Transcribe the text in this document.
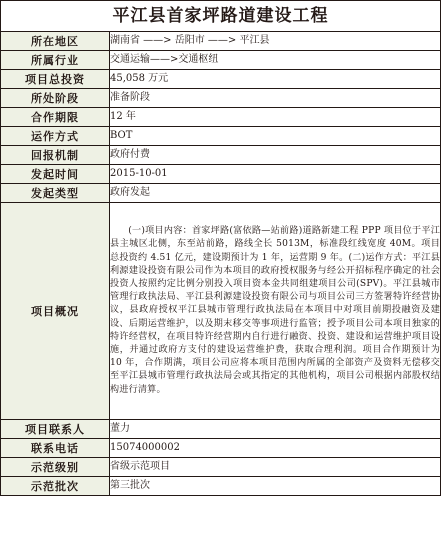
平江县首家坪路道建设工程
所在地区	湖南省 ——> 岳阳市 ——> 平江县
所属行业	交通运输——>交通枢纽
项目总投资	45,058 万元
所处阶段	准备阶段
合作期限	12 年
运作方式	BOT
回报机制	政府付费
发起时间	2015-10-01
发起类型	政府发起
项目概况	(一)项目内容：首家坪路(富依路—站前路)道路新建工程 PPP 项目位于平江县主城区北侧，东至站前路，路线全长 5013M，标准段红线宽度 40M。项目总投资约 4.51 亿元，建设期预计为 1 年，运营期 9 年。(二)运作方式：平江县利源建设投资有限公司作为本项目的政府授权服务与经公开招标程序确定的社会投资人按照约定比例分别投入项目资本金共同组建项目公司(SPV)。平江县城市管理行政执法局、平江县利源建设投资有限公司与项目公司三方签署特许经营协议，县政府授权平江县城市管理行政执法局在本项目中对项目前期投融资及建设、后期运营维护，以及期末移交等事项进行监管；授予项目公司本项目独家的特许经营权，在项目特许经营期内自行进行融资、投资、建设和运营维护项目设施，并通过政府方支付的建设运营维护费，获取合理利润。项目合作期预计为 10 年，合作期满，项目公司应将本项目范围内所属的全部资产及资料无偿移交至平江县城市管理行政执法局会或其指定的其他机构，项目公司根据内部股权结构进行清算。
项目联系人	董力
联系电话	15074000002
示范级别	省级示范项目
示范批次	第三批次
